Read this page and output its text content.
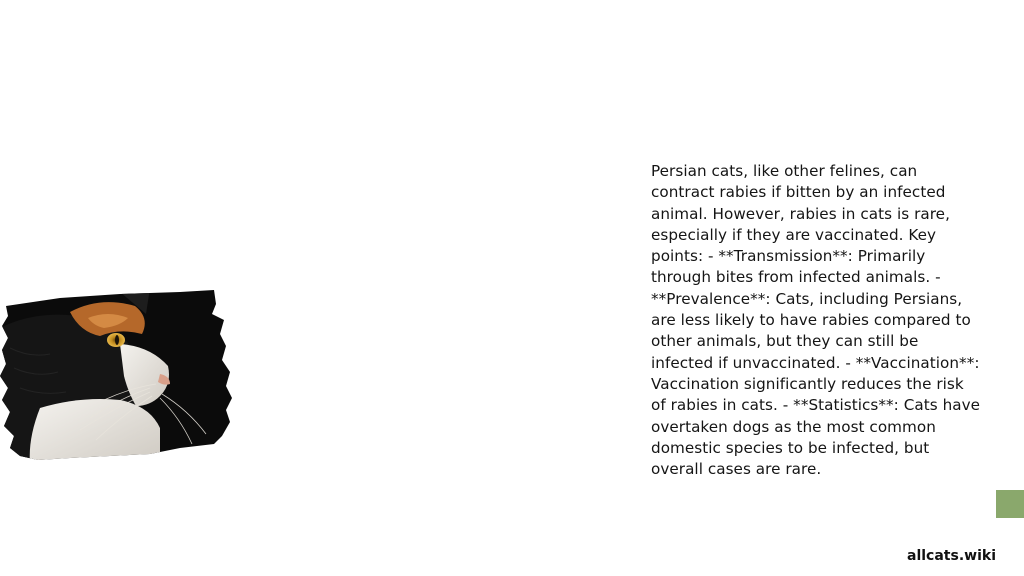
Persian cats, like other felines, can contract rabies if bitten by an infected animal. However, rabies in cats is rare, especially if they are vaccinated. Key points: - **Transmission**: Primarily through bites from infected animals. - **Prevalence**: Cats, including Persians, are less likely to have rabies compared to other animals, but they can still be infected if unvaccinated. - **Vaccination**: Vaccination significantly reduces the risk of rabies in cats. - **Statistics**: Cats have overtaken dogs as the most common domestic species to be infected, but overall cases are rare.

allcats.wiki
